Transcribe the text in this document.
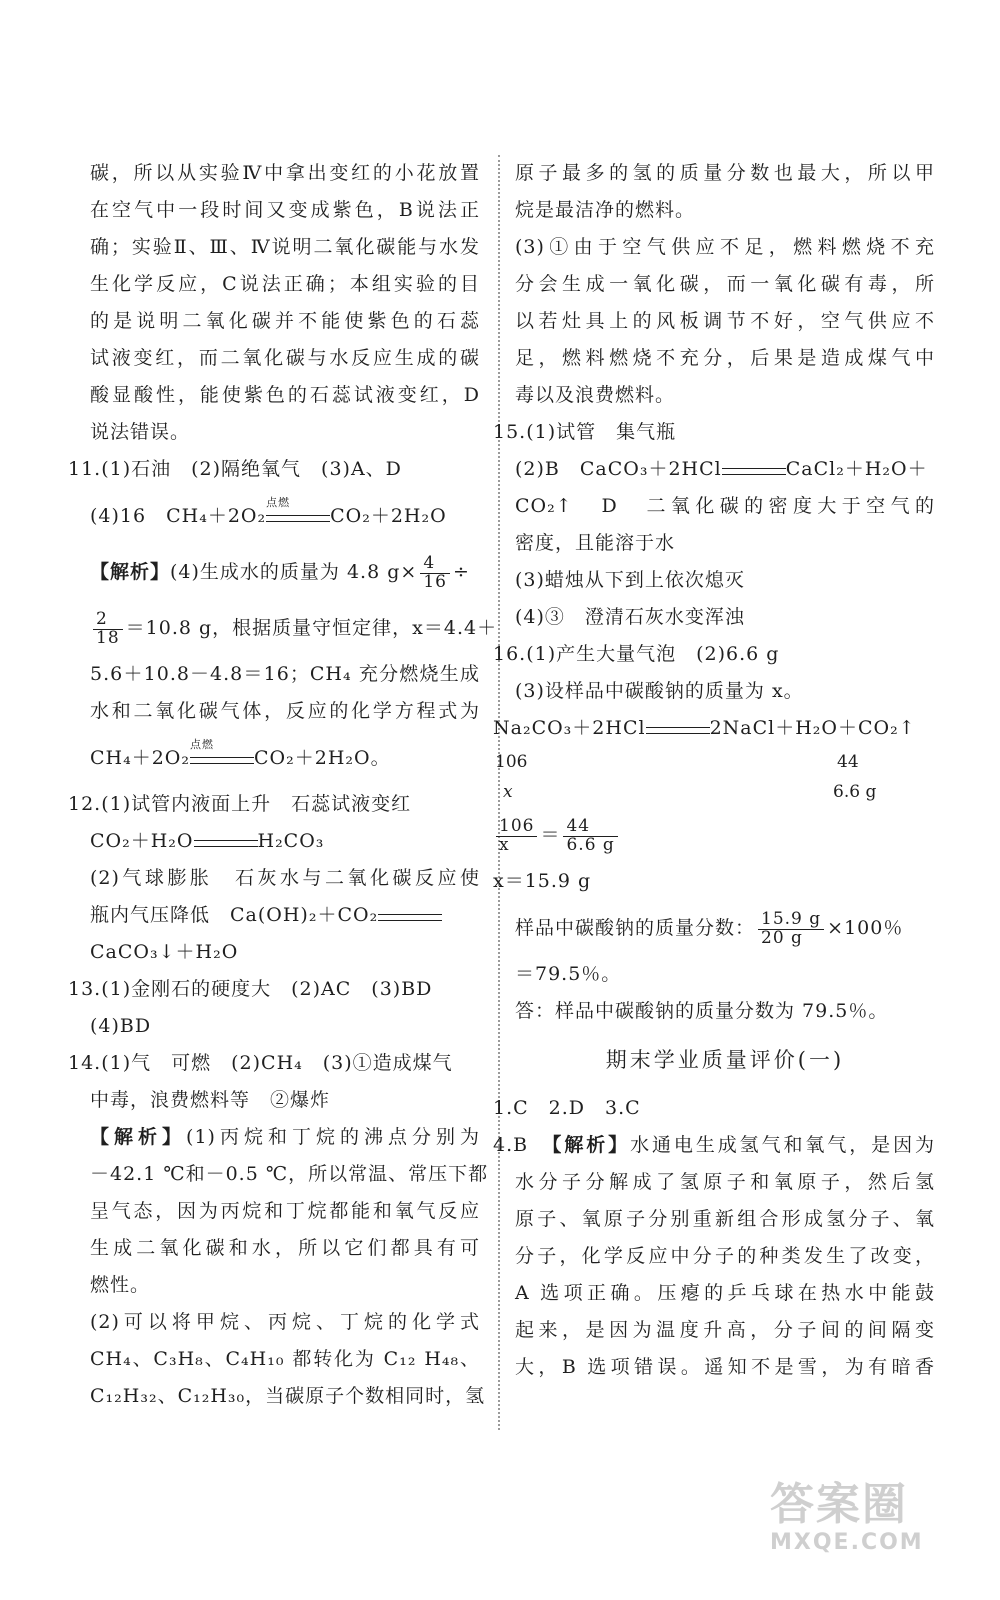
碳，所以从实验Ⅳ中拿出变红的小花放置
在空气中一段时间又变成紫色，B说法正
确；实验Ⅱ、Ⅲ、Ⅳ说明二氧化碳能与水发
生化学反应，C说法正确；本组实验的目
的是说明二氧化碳并不能使紫色的石蕊
试液变红，而二氧化碳与水反应生成的碳
酸显酸性，能使紫色的石蕊试液变红，D
说法错误。
11.(1)石油　(2)隔绝氧气　(3)A、D
(4)16　CH₄＋2O₂
点燃
CO₂＋2H₂O
【解析】(4)生成水的质量为 4.8 $g\times \frac{4}{16}$ ÷
$\frac{2}{18} =10.8$ g，根据质量守恒定律，x＝4.4＋
5.6＋10.8－4.8＝16；CH₄ 充分燃烧生成
水和二氧化碳气体，反应的化学方程式为
CH₄＋2O₂
点燃
CO₂＋2H₂O。
12.(1)试管内液面上升　石蕊试液变红
CO₂＋H₂O	H₂CO₃
(2)气球膨胀　石灰水与二氧化碳反应使
瓶内气压降低　Ca(OH)₂＋CO₂
CaCO₃↓＋H₂O
13.(1)金刚石的硬度大　(2)AC　(3)BD
(4)BD
14.(1)气　可燃　(2)CH₄　(3)①造成煤气
中毒，浪费燃料等　②爆炸
【解析】(1)丙烷和丁烷的沸点分别为
－42.1 ℃和－0.5 ℃，所以常温、常压下都
呈气态，因为丙烷和丁烷都能和氧气反应
生成二氧化碳和水，所以它们都具有可
燃性。
(2)可以将甲烷、丙烷、丁烷的化学式
CH₄、C₃H₈、C₄H₁₀ 都转化为 C₁₂ H₄₈、
C₁₂H₃₂、C₁₂H₃₀，当碳原子个数相同时，氢
原子最多的氢的质量分数也最大，所以甲
烷是最洁净的燃料。
(3)①由于空气供应不足，燃料燃烧不充
分会生成一氧化碳，而一氧化碳有毒，所
以若灶具上的风板调节不好，空气供应不
足，燃料燃烧不充分，后果是造成煤气中
毒以及浪费燃料。
15.(1)试管　集气瓶
(2)B　CaCO₃＋2HCl	CaCl₂＋H₂O＋
CO₂↑　D　二氧化碳的密度大于空气的
密度，且能溶于水
(3)蜡烛从下到上依次熄灭
(4)③　澄清石灰水变浑浊
16.(1)产生大量气泡　(2)6.6 g
(3)设样品中碳酸钠的质量为 x。
Na₂CO₃＋2HCl	2NaCl＋H₂O＋CO₂↑
106	44
x	6.6 g
$\frac{106}{x} = \frac{44}{6.6 g}$
x＝15.9 g
样品中碳酸钠的质量分数： $\frac{15.9 g}{20 g} \times 100$％
＝79.5％。
答：样品中碳酸钠的质量分数为 79.5％。
期末学业质量评价(一)
1.C　2.D　3.C
4.B　【解析】水通电生成氢气和氧气，是因为
水分子分解成了氢原子和氧原子，然后氢
原子、氧原子分别重新组合形成氢分子、氧
分子，化学反应中分子的种类发生了改变，
A 选项正确。压瘪的乒乓球在热水中能鼓
起来，是因为温度升高，分子间的间隔变
大，B 选项错误。遥知不是雪，为有暗香
答案圈
MXQE.COM
